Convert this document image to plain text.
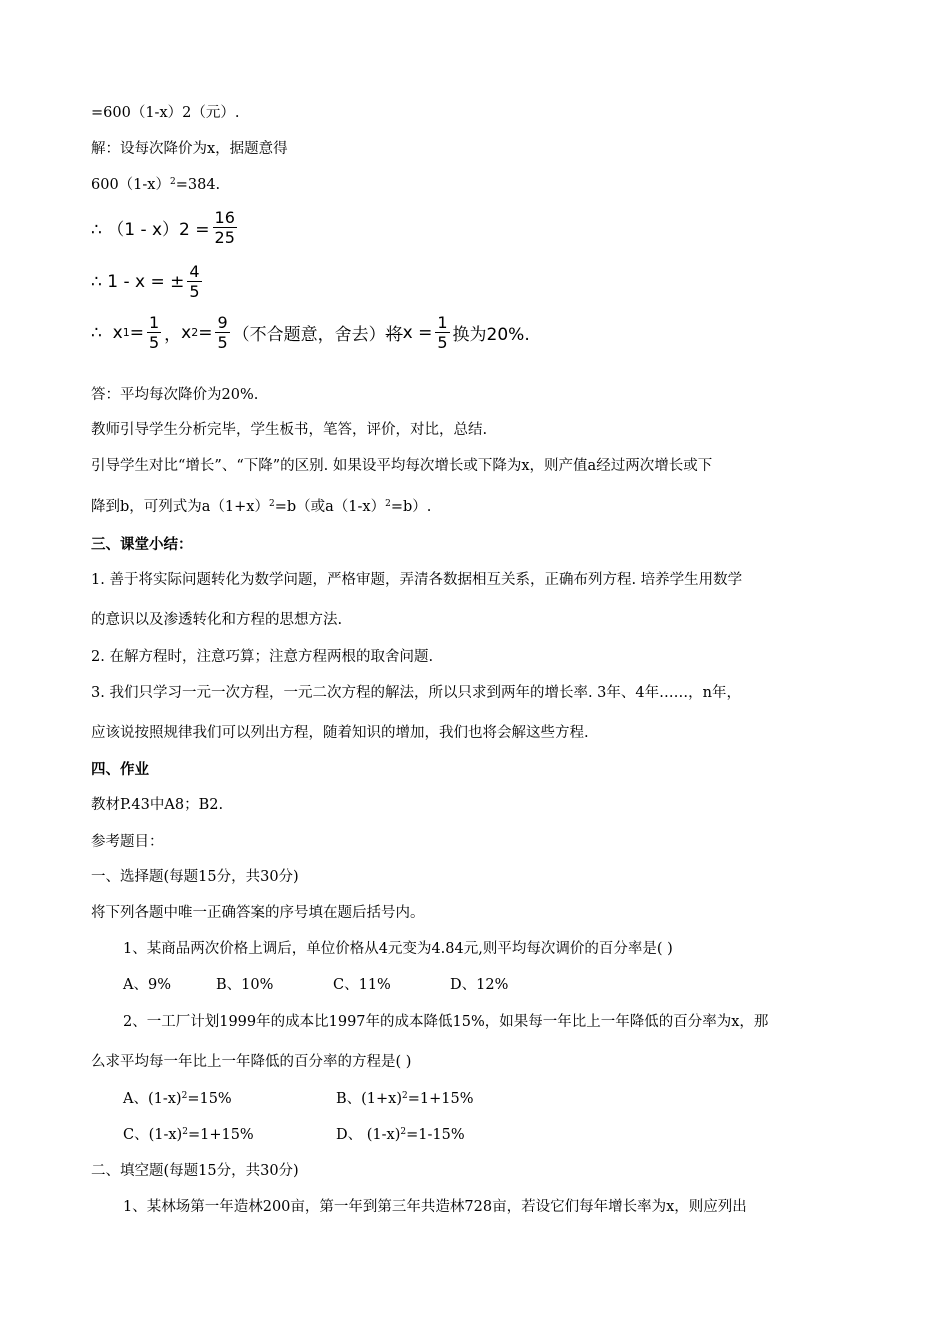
=600（1-x）2（元）.
解：设每次降价为x，据题意得
$600(1-x)^2=384$.
∴ $(1 - x)2 = \frac{16}{25}$
∴ 1 - x = ± $\frac{4}{5}$
∴
x $1 = \frac{1}{5}$ ， x $2 = \frac{9}{5}$ （不合题意，舍去） 将 $x = \frac{1}{5}$ 换为20%.
答：平均每次降价为20%.
教师引导学生分析完毕，学生板书，笔答，评价，对比，总结.
引导学生对比“增长”、“下降”的区别. 如果设平均每次增长或下降为x，则产值a经过两次增长或下
降到b，可列式为$a(1+x)^2=b$（或$a(1-x)^2=b$）.
三、课堂小结：
1. 善于将实际问题转化为数学问题，严格审题，弄清各数据相互关系，正确布列方程. 培养学生用数学
的意识以及渗透转化和方程的思想方法.
2. 在解方程时，注意巧算；注意方程两根的取舍问题.
3. 我们只学习一元一次方程，一元二次方程的解法，所以只求到两年的增长率. 3年、4年……，n年，
应该说按照规律我们可以列出方程，随着知识的增加，我们也将会解这些方程.
四、作业
教材P.43中A8；B2.
参考题目：
一、选择题(每题15分，共30分)
将下列各题中唯一正确答案的序号填在题后括号内。
1、某商品两次价格上调后，单位价格从4元变为4.84元,则平均每次调价的百分率是( )
A、9%	B、10%	C、11%	D、12%
2、一工厂计划1999年的成本比1997年的成本降低15%，如果每一年比上一年降低的百分率为x，那
么求平均每一年比上一年降低的百分率的方程是( )
A、$(1-x)^2=15\%$	B、$(1+x)^2=1+15\%$
C、$(1-x)^2=1+15\%$	D、 $(1-x)^2=1-15\%$
二、填空题(每题15分，共30分)
1、某林场第一年造林200亩，第一年到第三年共造林728亩，若设它们每年增长率为x，则应列出
